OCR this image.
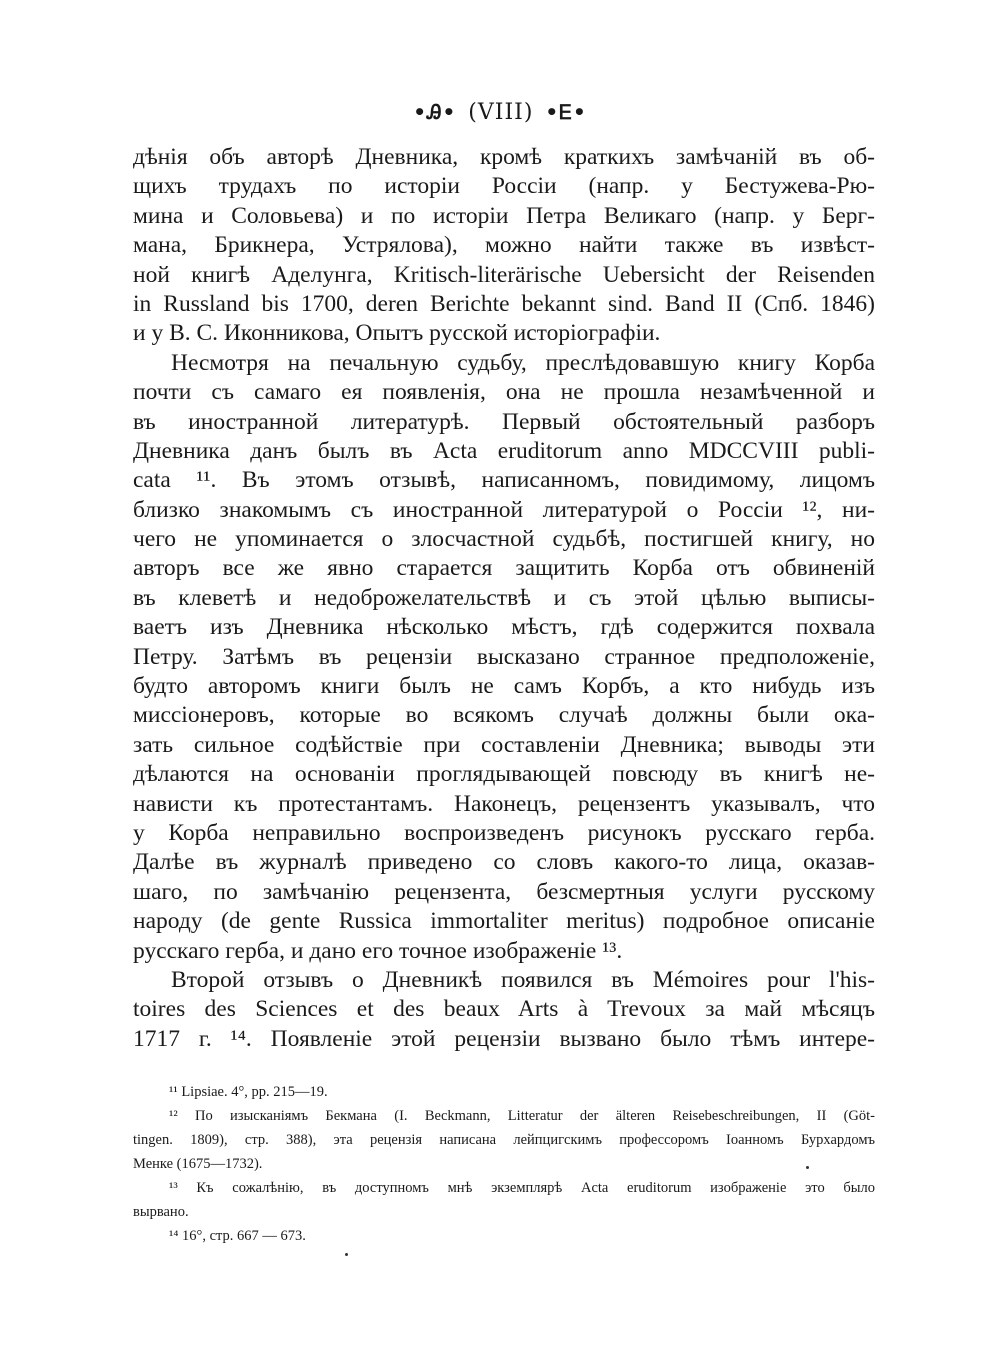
•Ꭿ• (VIII) •Ꭼ•
дѣнія объ авторѣ Дневника, кромѣ краткихъ замѣчаній въ об-
щихъ трудахъ по исторіи Россіи (напр. у Бестужева-Рю-
мина и Соловьева) и по исторіи Петра Великаго (напр. у Берг-
мана, Брикнера, Устрялова), можно найти также въ извѣст-
ной книгѣ Аделунга, Kritisch-literärische Uebersicht der Reisenden
in Russland bis 1700, deren Berichte bekannt sind. Band II (Спб. 1846)
и у В. С. Иконникова, Опытъ русской исторіографіи.
Несмотря на печальную судьбу, преслѣдовавшую книгу Корба
почти съ самаго ея появленія, она не прошла незамѣченной и
въ иностранной литературѣ. Первый обстоятельный разборъ
Дневника данъ былъ въ Acta eruditorum anno MDCCVIII publi-
cata ¹¹. Въ этомъ отзывѣ, написанномъ, повидимому, лицомъ
близко знакомымъ съ иностранной литературой о Россіи ¹², ни-
чего не упоминается о злосчастной судьбѣ, постигшей книгу, но
авторъ все же явно старается защитить Корба отъ обвиненій
въ клеветѣ и недоброжелательствѣ и съ этой цѣлью выписы-
ваетъ изъ Дневника нѣсколько мѣстъ, гдѣ содержится похвала
Петру. Затѣмъ въ рецензіи высказано странное предположеніе,
будто авторомъ книги былъ не самъ Корбъ, а кто нибудь изъ
миссіонеровъ, которые во всякомъ случаѣ должны были ока-
зать сильное содѣйствіе при составленіи Дневника; выводы эти
дѣлаются на основаніи проглядывающей повсюду въ книгѣ не-
нависти къ протестантамъ. Наконецъ, рецензентъ указывалъ, что
у Корба неправильно воспроизведенъ рисунокъ русскаго герба.
Далѣе въ журналѣ приведено со словъ какого-то лица, оказав-
шаго, по замѣчанію рецензента, безсмертныя услуги русскому
народу (de gente Russica immortaliter meritus) подробное описаніе
русскаго герба, и дано его точное изображеніе ¹³.
Второй отзывъ о Дневникѣ появился въ Mémoires pour l'his-
toires des Sciences et des beaux Arts à Trevoux за май мѣсяцъ
1717 г. ¹⁴. Появленіе этой рецензіи вызвано было тѣмъ интере-
¹¹ Lipsiae. 4°, pp. 215—19.
¹² По изысканіямъ Бекмана (I. Beckmann, Litteratur der älteren Reisebeschreibungen, II (Göt-
tingen. 1809), стр. 388), эта рецензія написана лейпцигскимъ профессоромъ Іоанномъ Бурхардомъ
Менке (1675—1732).
¹³ Къ сожалѣнію, въ доступномъ мнѣ экземплярѣ Acta eruditorum изображеніе это было
вырвано.
¹⁴ 16°, стр. 667 — 673.
